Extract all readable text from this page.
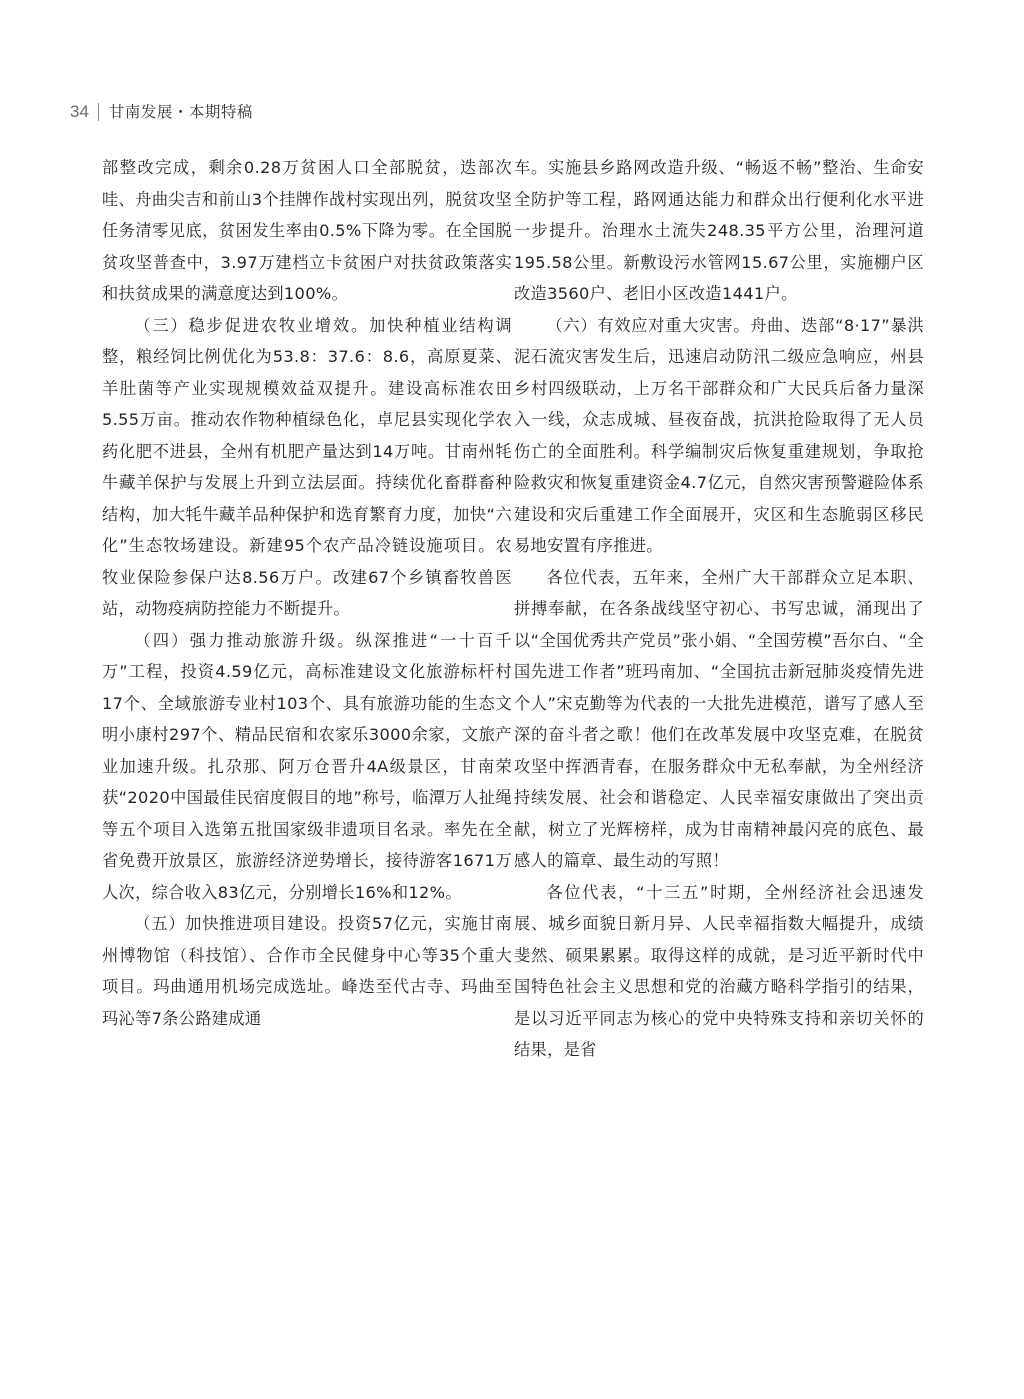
34 甘南发展・本期特稿

部整改完成，剩余0.28万贫困人口全部脱贫，迭部次哇、舟曲尖吉和前山3个挂牌作战村实现出列，脱贫攻坚任务清零见底，贫困发生率由0.5%下降为零。在全国脱贫攻坚普查中，3.97万建档立卡贫困户对扶贫政策落实和扶贫成果的满意度达到100%。

（三）稳步促进农牧业增效。加快种植业结构调整，粮经饲比例优化为53.8：37.6：8.6，高原夏菜、羊肚菌等产业实现规模效益双提升。建设高标准农田5.55万亩。推动农作物种植绿色化，卓尼县实现化学农药化肥不进县，全州有机肥产量达到14万吨。甘南州牦牛藏羊保护与发展上升到立法层面。持续优化畜群畜种结构，加大牦牛藏羊品种保护和选育繁育力度，加快“六化”生态牧场建设。新建95个农产品冷链设施项目。农牧业保险参保户达8.56万户。改建67个乡镇畜牧兽医站，动物疫病防控能力不断提升。

（四）强力推动旅游升级。纵深推进“一十百千万”工程，投资4.59亿元，高标准建设文化旅游标杆村17个、全域旅游专业村103个、具有旅游功能的生态文明小康村297个、精品民宿和农家乐3000余家，文旅产业加速升级。扎尕那、阿万仓晋升4A级景区，甘南荣获“2020中国最佳民宿度假目的地”称号，临潭万人扯绳等五个项目入选第五批国家级非遗项目名录。率先在全省免费开放景区，旅游经济逆势增长，接待游客1671万人次，综合收入83亿元，分别增长16%和12%。

（五）加快推进项目建设。投资57亿元，实施甘南州博物馆（科技馆）、合作市全民健身中心等35个重大项目。玛曲通用机场完成选址。峰迭至代古寺、玛曲至玛沁等7条公路建成通

车。实施县乡路网改造升级、“畅返不畅”整治、生命安全防护等工程，路网通达能力和群众出行便利化水平进一步提升。治理水土流失248.35平方公里，治理河道195.58公里。新敷设污水管网15.67公里，实施棚户区改造3560户、老旧小区改造1441户。

（六）有效应对重大灾害。舟曲、迭部“8·17”暴洪泥石流灾害发生后，迅速启动防汛二级应急响应，州县乡村四级联动，上万名干部群众和广大民兵后备力量深入一线，众志成城、昼夜奋战，抗洪抢险取得了无人员伤亡的全面胜利。科学编制灾后恢复重建规划，争取抢险救灾和恢复重建资金4.7亿元，自然灾害预警避险体系建设和灾后重建工作全面展开，灾区和生态脆弱区移民易地安置有序推进。

各位代表，五年来，全州广大干部群众立足本职、拼搏奉献，在各条战线坚守初心、书写忠诚，涌现出了以“全国优秀共产党员”张小娟、“全国劳模”吾尔白、“全国先进工作者”班玛南加、“全国抗击新冠肺炎疫情先进个人”宋克勤等为代表的一大批先进模范，谱写了感人至深的奋斗者之歌！他们在改革发展中攻坚克难，在脱贫攻坚中挥洒青春，在服务群众中无私奉献，为全州经济持续发展、社会和谐稳定、人民幸福安康做出了突出贡献，树立了光辉榜样，成为甘南精神最闪亮的底色、最感人的篇章、最生动的写照！

各位代表，“十三五”时期，全州经济社会迅速发展、城乡面貌日新月异、人民幸福指数大幅提升，成绩斐然、硕果累累。取得这样的成就，是习近平新时代中国特色社会主义思想和党的治藏方略科学指引的结果，是以习近平同志为核心的党中央特殊支持和亲切关怀的结果，是省
